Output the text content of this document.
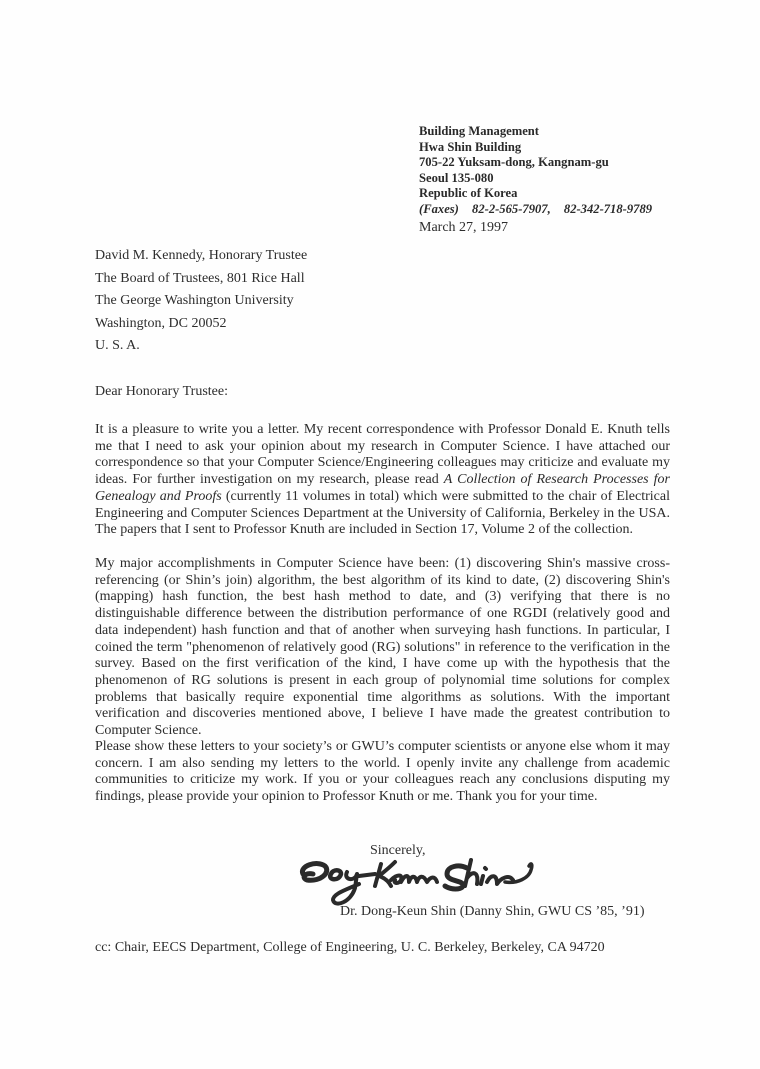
Building Management
Hwa Shin Building
705-22 Yuksam-dong, Kangnam-gu
Seoul 135-080
Republic of Korea
(Faxes) 82-2-565-7907, 82-342-718-9789
March 27, 1997
David M. Kennedy, Honorary Trustee
The Board of Trustees, 801 Rice Hall
The George Washington University
Washington, DC 20052
U. S. A.
Dear Honorary Trustee:

It is a pleasure to write you a letter. My recent correspondence with Professor Donald E. Knuth tells me that I need to ask your opinion about my research in Computer Science. I have attached our correspondence so that your Computer Science/Engineering colleagues may criticize and evaluate my ideas. For further investigation on my research, please read A Collection of Research Processes for Genealogy and Proofs (currently 11 volumes in total) which were submitted to the chair of Electrical Engineering and Computer Sciences Department at the University of California, Berkeley in the USA. The papers that I sent to Professor Knuth are included in Section 17, Volume 2 of the collection.

My major accomplishments in Computer Science have been: (1) discovering Shin's massive cross-referencing (or Shin’s join) algorithm, the best algorithm of its kind to date, (2) discovering Shin's (mapping) hash function, the best hash method to date, and (3) verifying that there is no distinguishable difference between the distribution performance of one RGDI (relatively good and data independent) hash function and that of another when surveying hash functions. In particular, I coined the term "phenomenon of relatively good (RG) solutions" in reference to the verification in the survey. Based on the first verification of the kind, I have come up with the hypothesis that the phenomenon of RG solutions is present in each group of polynomial time solutions for complex problems that basically require exponential time algorithms as solutions. With the important verification and discoveries mentioned above, I believe I have made the greatest contribution to Computer Science.

Please show these letters to your society’s or GWU’s computer scientists or anyone else whom it may concern. I am also sending my letters to the world. I openly invite any challenge from academic communities to criticize my work. If you or your colleagues reach any conclusions disputing my findings, please provide your opinion to Professor Knuth or me. Thank you for your time.

Sincerely,
Dr. Dong-Keun Shin (Danny Shin, GWU CS ’85, ’91)
cc: Chair, EECS Department, College of Engineering, U. C. Berkeley, Berkeley, CA 94720
